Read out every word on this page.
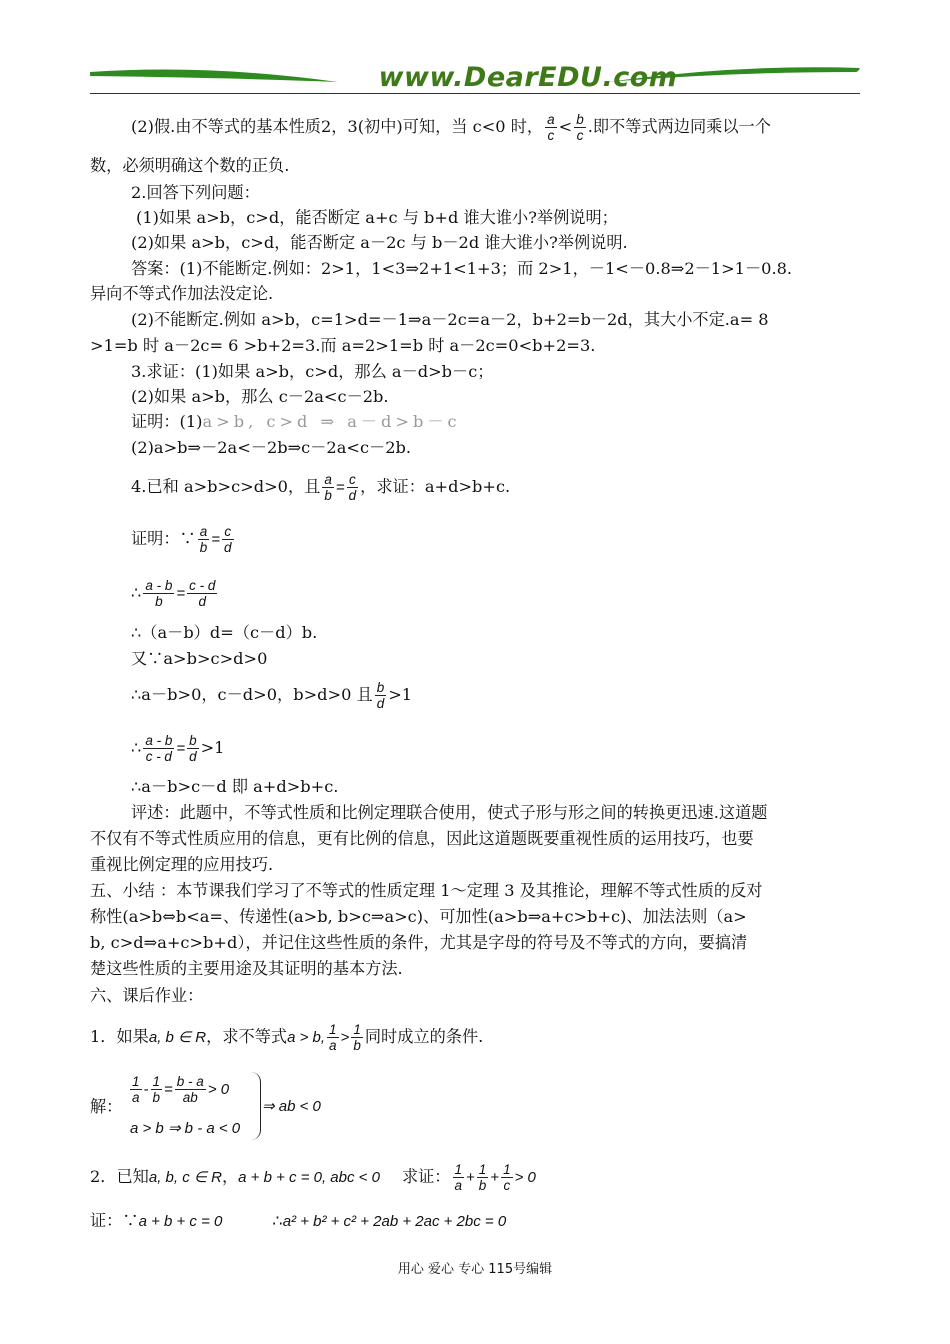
www.DearEDU.com
(2)假.由不等式的基本性质2，3(初中)可知，当 c<0 时， $\frac{a}{c} < \frac{b}{c}$ .即不等式两边同乘以一个
数，必须明确这个数的正负.
2.回答下列问题：
(1)如果 a>b，c>d，能否断定 a+c 与 b+d 谁大谁小?举例说明；
(2)如果 a>b，c>d，能否断定 a－2c 与 b－2d 谁大谁小?举例说明.
答案：(1)不能断定.例如：2>1，1<3⇒2+1<1+3；而 2>1，－1<－0.8⇒2－1>1－0.8.
异向不等式作加法没定论.
(2)不能断定.例如 a>b，c=1>d=－1⇒a－2c=a－2，b+2=b－2d，其大小不定.a= 8
>1=b 时 a－2c= 6 >b+2=3.而 a=2>1=b 时 a－2c=0<b+2=3.
3.求证：(1)如果 a>b，c>d，那么 a－d>b－c；
(2)如果 a>b，那么 c－2a<c－2b.
证明：(1)a>b, c>d ⇒ a－d>b－c
(2)a>b⇒－2a<－2b⇒c－2a<c－2b.
4.已和 a>b>c>d>0，且 $\frac{a}{b} = \frac{c}{d}$ ，求证：a+d>b+c.
证明：∵ $\frac{a}{b} = \frac{c}{d}$
∴ $\frac{a - b}{b} = \frac{c - d}{d}$
∴（a－b）d=（c－d）b.
又∵a>b>c>d>0
∴a－b>0，c－d>0，b>d>0 且 $\frac{b}{d} >1$
∴ $\frac{a - b}{c - d} = \frac{b}{d} >1$
∴a－b>c－d 即 a+d>b+c.
评述：此题中，不等式性质和比例定理联合使用，使式子形与形之间的转换更迅速.这道题
不仅有不等式性质应用的信息，更有比例的信息，因此这道题既要重视性质的运用技巧，也要
重视比例定理的应用技巧.
五、小结 ：本节课我们学习了不等式的性质定理 1～定理 3 及其推论，理解不等式性质的反对
称性(a>b⇔b<a=、传递性(a>b, b>c⇒a>c)、可加性(a>b⇒a+c>b+c)、加法法则（a>
b, c>d⇒a+c>b+d），并记住这些性质的条件，尤其是字母的符号及不等式的方向，要搞清
楚这些性质的主要用途及其证明的基本方法.
六、课后作业：
1．如果a, b ∈ R，求不等式a > b, $\frac{1}{a} > \frac{1}{b}$ 同时成立的条件.
解：
$\frac{1}{a} - \frac{1}{b} = \frac{b - a}{ab} > 0$
a > b ⇒ b - a < 0
⇒ ab < 0
2．已知a, b, c ∈ R，a + b + c = 0, abc < 0 求证： $\frac{1}{a} + \frac{1}{b} + \frac{1}{c} > 0$
证：∵a + b + c = 0	∴a² + b² + c² + 2ab + 2ac + 2bc = 0
用心 爱心 专心 115号编辑
